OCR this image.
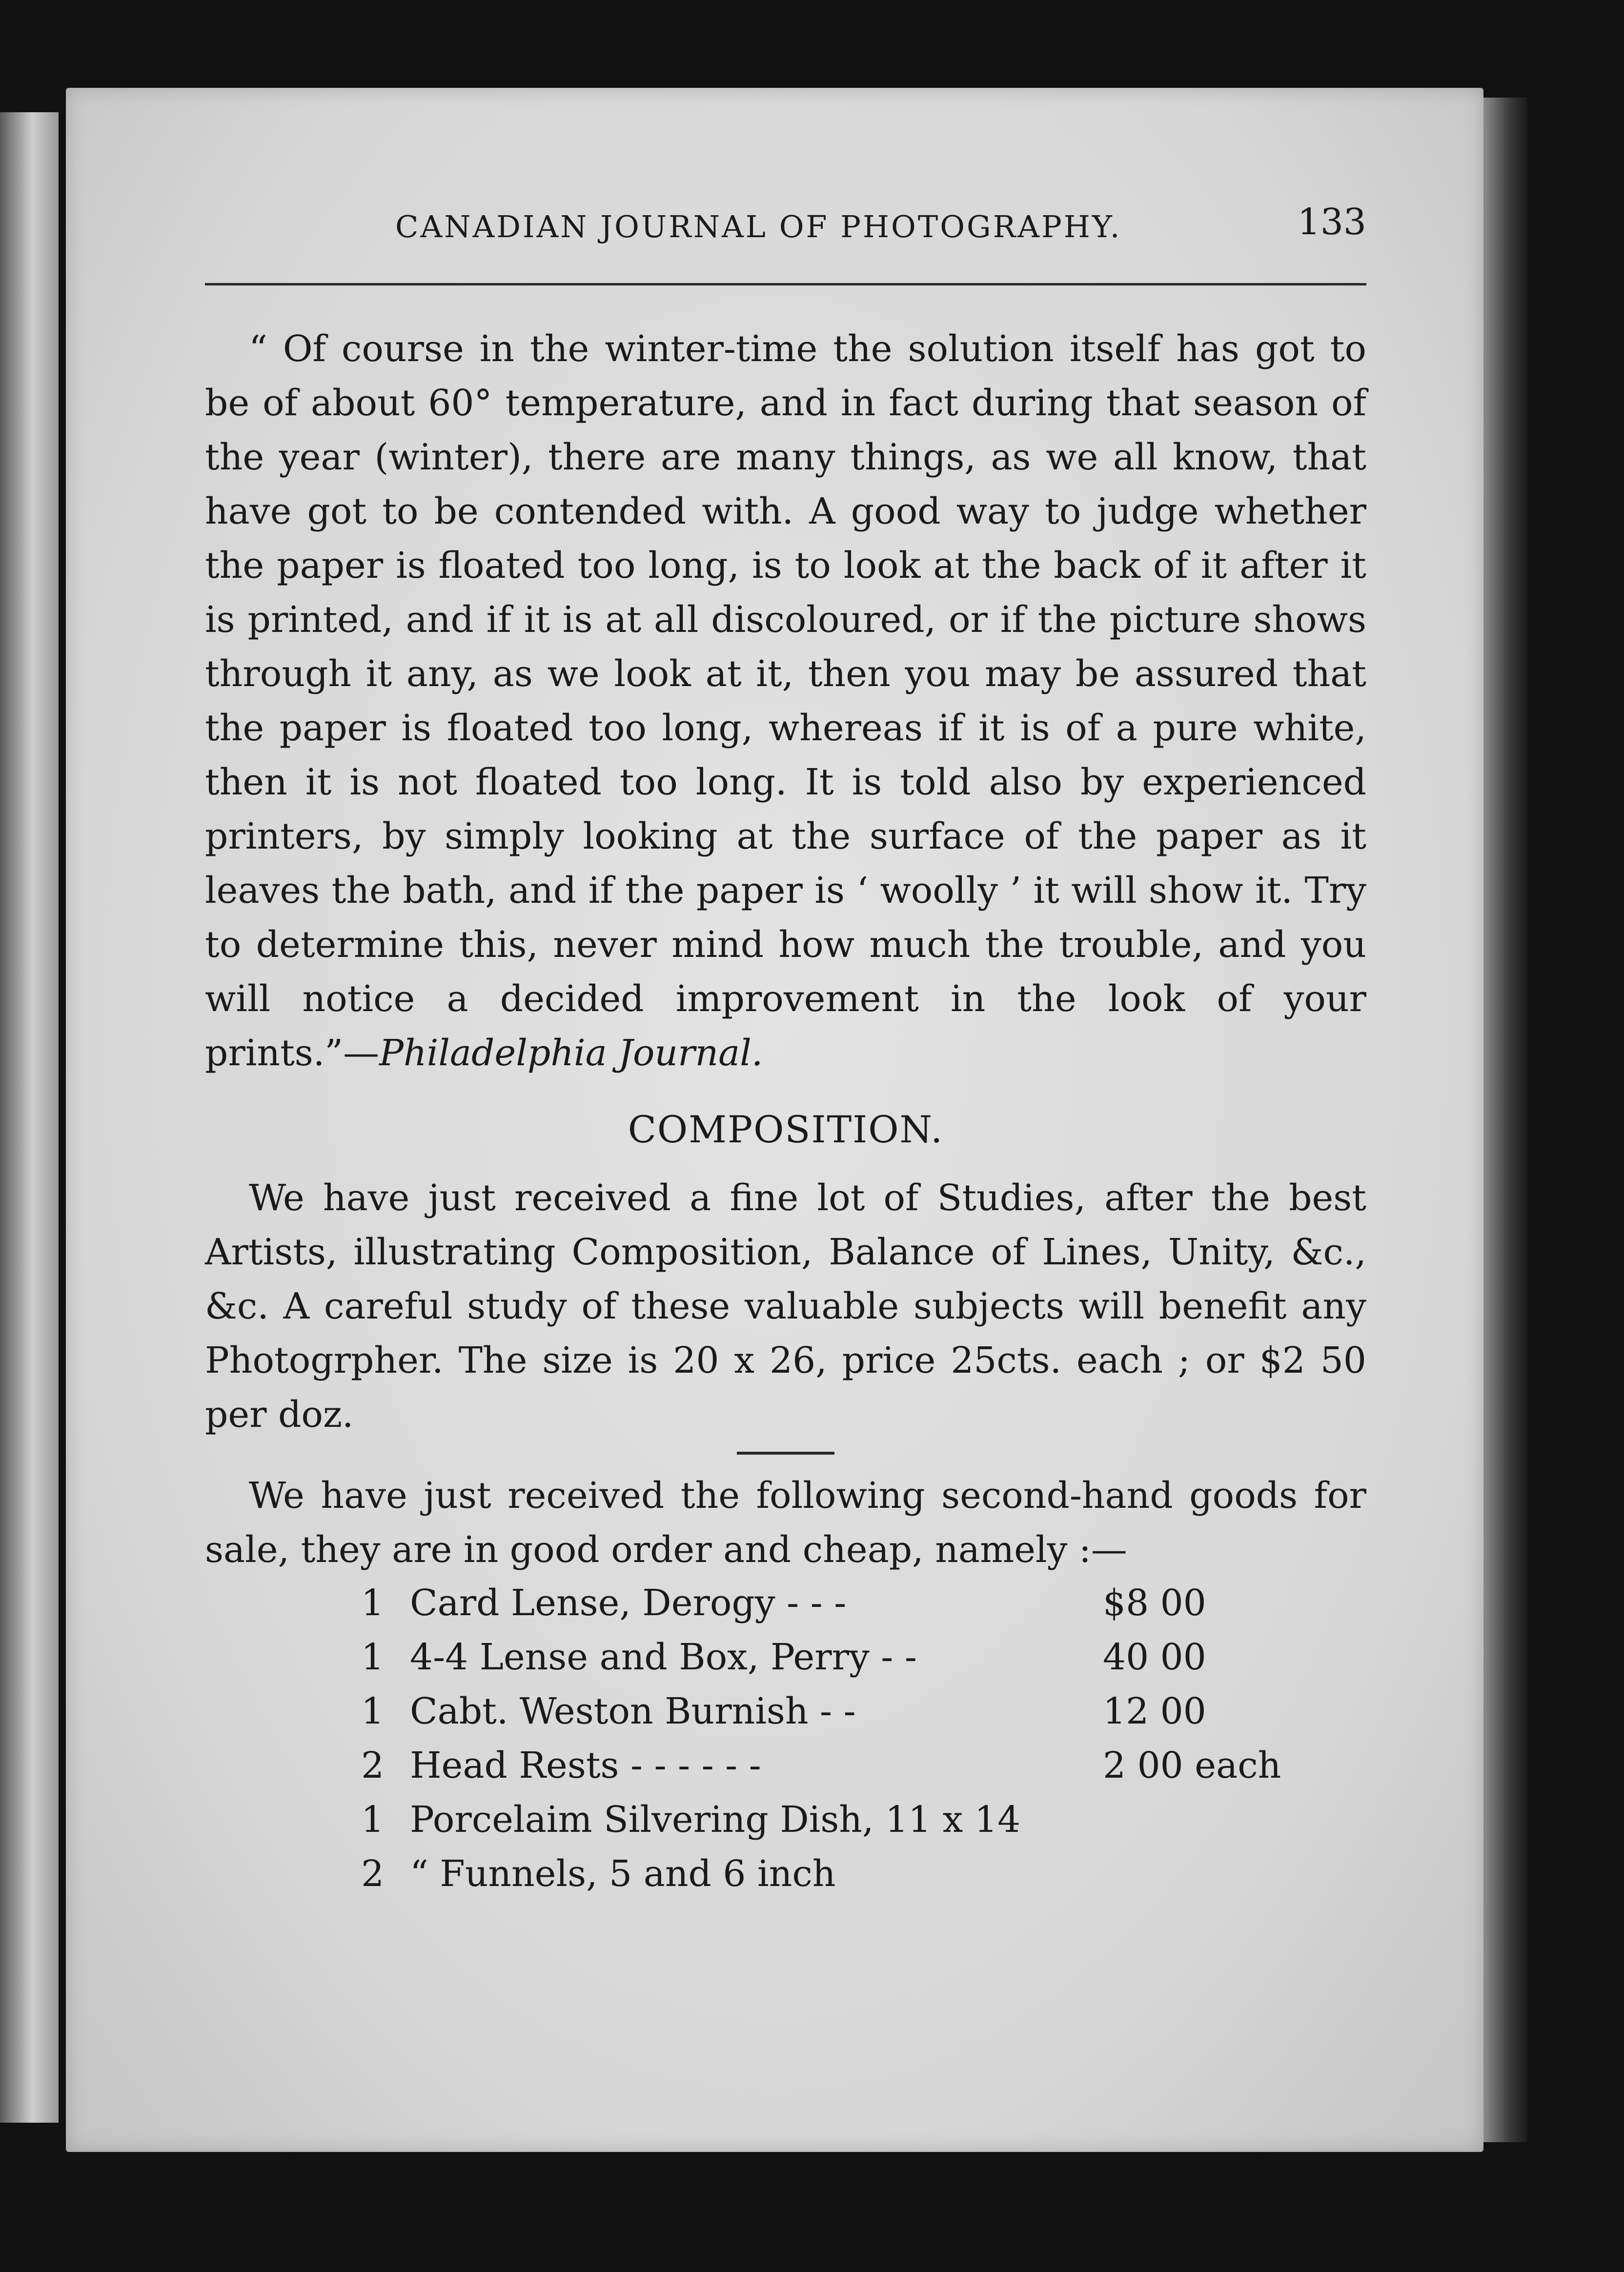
CANADIAN JOURNAL OF PHOTOGRAPHY.	133

“ Of course in the winter-time the solution itself has got to be of about 60° temperature, and in fact during that season of the year (winter), there are many things, as we all know, that have got to be contended with. A good way to judge whether the paper is floated too long, is to look at the back of it after it is printed, and if it is at all discoloured, or if the picture shows through it any, as we look at it, then you may be assured that the paper is floated too long, whereas if it is of a pure white, then it is not floated too long. It is told also by experienced printers, by simply looking at the surface of the paper as it leaves the bath, and if the paper is ‘ woolly ’ it will show it. Try to determine this, never mind how much the trouble, and you will notice a decided improvement in the look of your prints.”—Philadelphia Journal.

COMPOSITION.

We have just received a fine lot of Studies, after the best Artists, illustrating Composition, Balance of Lines, Unity, &c., &c. A careful study of these valuable subjects will benefit any Photogrpher. The size is 20 x 26, price 25cts. each ; or $2 50 per doz.

We have just received the following second-hand goods for sale, they are in good order and cheap, namely :—

1 Card Lense, Derogy - - -	$8 00
1 4-4 Lense and Box, Perry - -	40 00
1 Cabt. Weston Burnish - -	12 00
2 Head Rests - - - - - -	2 00 each
1 Porcelaim Silvering Dish, 11 x 14
2 “ Funnels, 5 and 6 inch
